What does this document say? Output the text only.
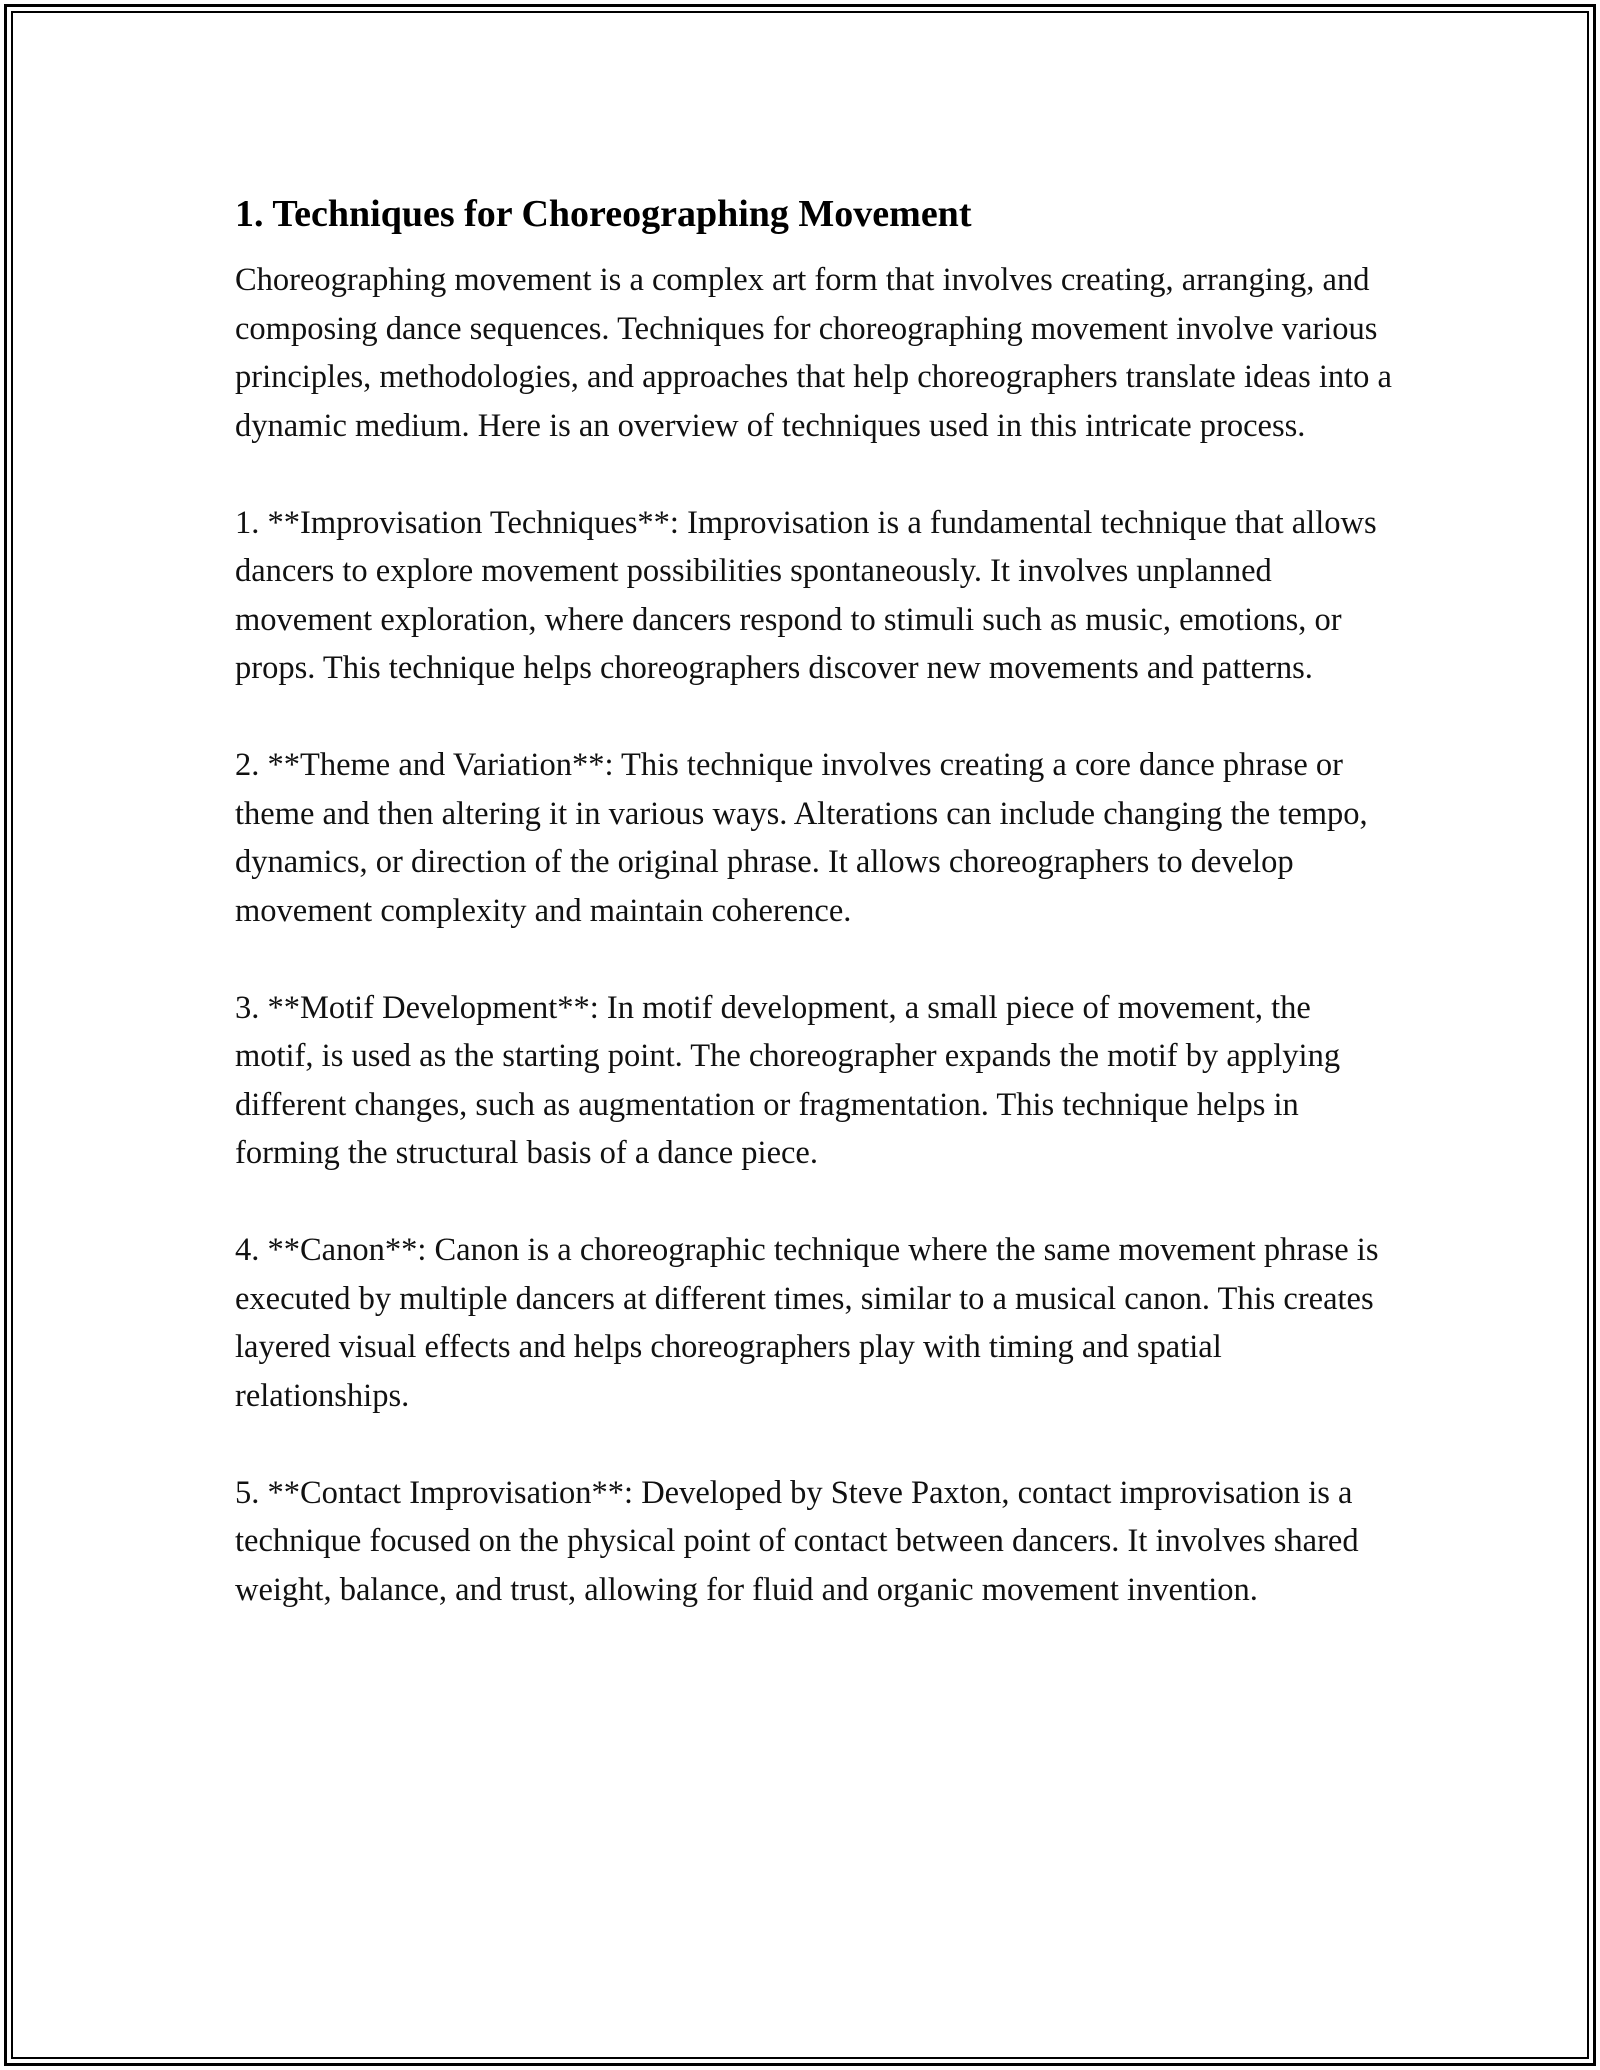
1. Techniques for Choreographing Movement

Choreographing movement is a complex art form that involves creating, arranging, and composing dance sequences. Techniques for choreographing movement involve various principles, methodologies, and approaches that help choreographers translate ideas into a dynamic medium. Here is an overview of techniques used in this intricate process.

1. **Improvisation Techniques**: Improvisation is a fundamental technique that allows dancers to explore movement possibilities spontaneously. It involves unplanned movement exploration, where dancers respond to stimuli such as music, emotions, or props. This technique helps choreographers discover new movements and patterns.

2. **Theme and Variation**: This technique involves creating a core dance phrase or theme and then altering it in various ways. Alterations can include changing the tempo, dynamics, or direction of the original phrase. It allows choreographers to develop movement complexity and maintain coherence.

3. **Motif Development**: In motif development, a small piece of movement, the motif, is used as the starting point. The choreographer expands the motif by applying different changes, such as augmentation or fragmentation. This technique helps in forming the structural basis of a dance piece.

4. **Canon**: Canon is a choreographic technique where the same movement phrase is executed by multiple dancers at different times, similar to a musical canon. This creates layered visual effects and helps choreographers play with timing and spatial relationships.

5. **Contact Improvisation**: Developed by Steve Paxton, contact improvisation is a technique focused on the physical point of contact between dancers. It involves shared weight, balance, and trust, allowing for fluid and organic movement invention.
